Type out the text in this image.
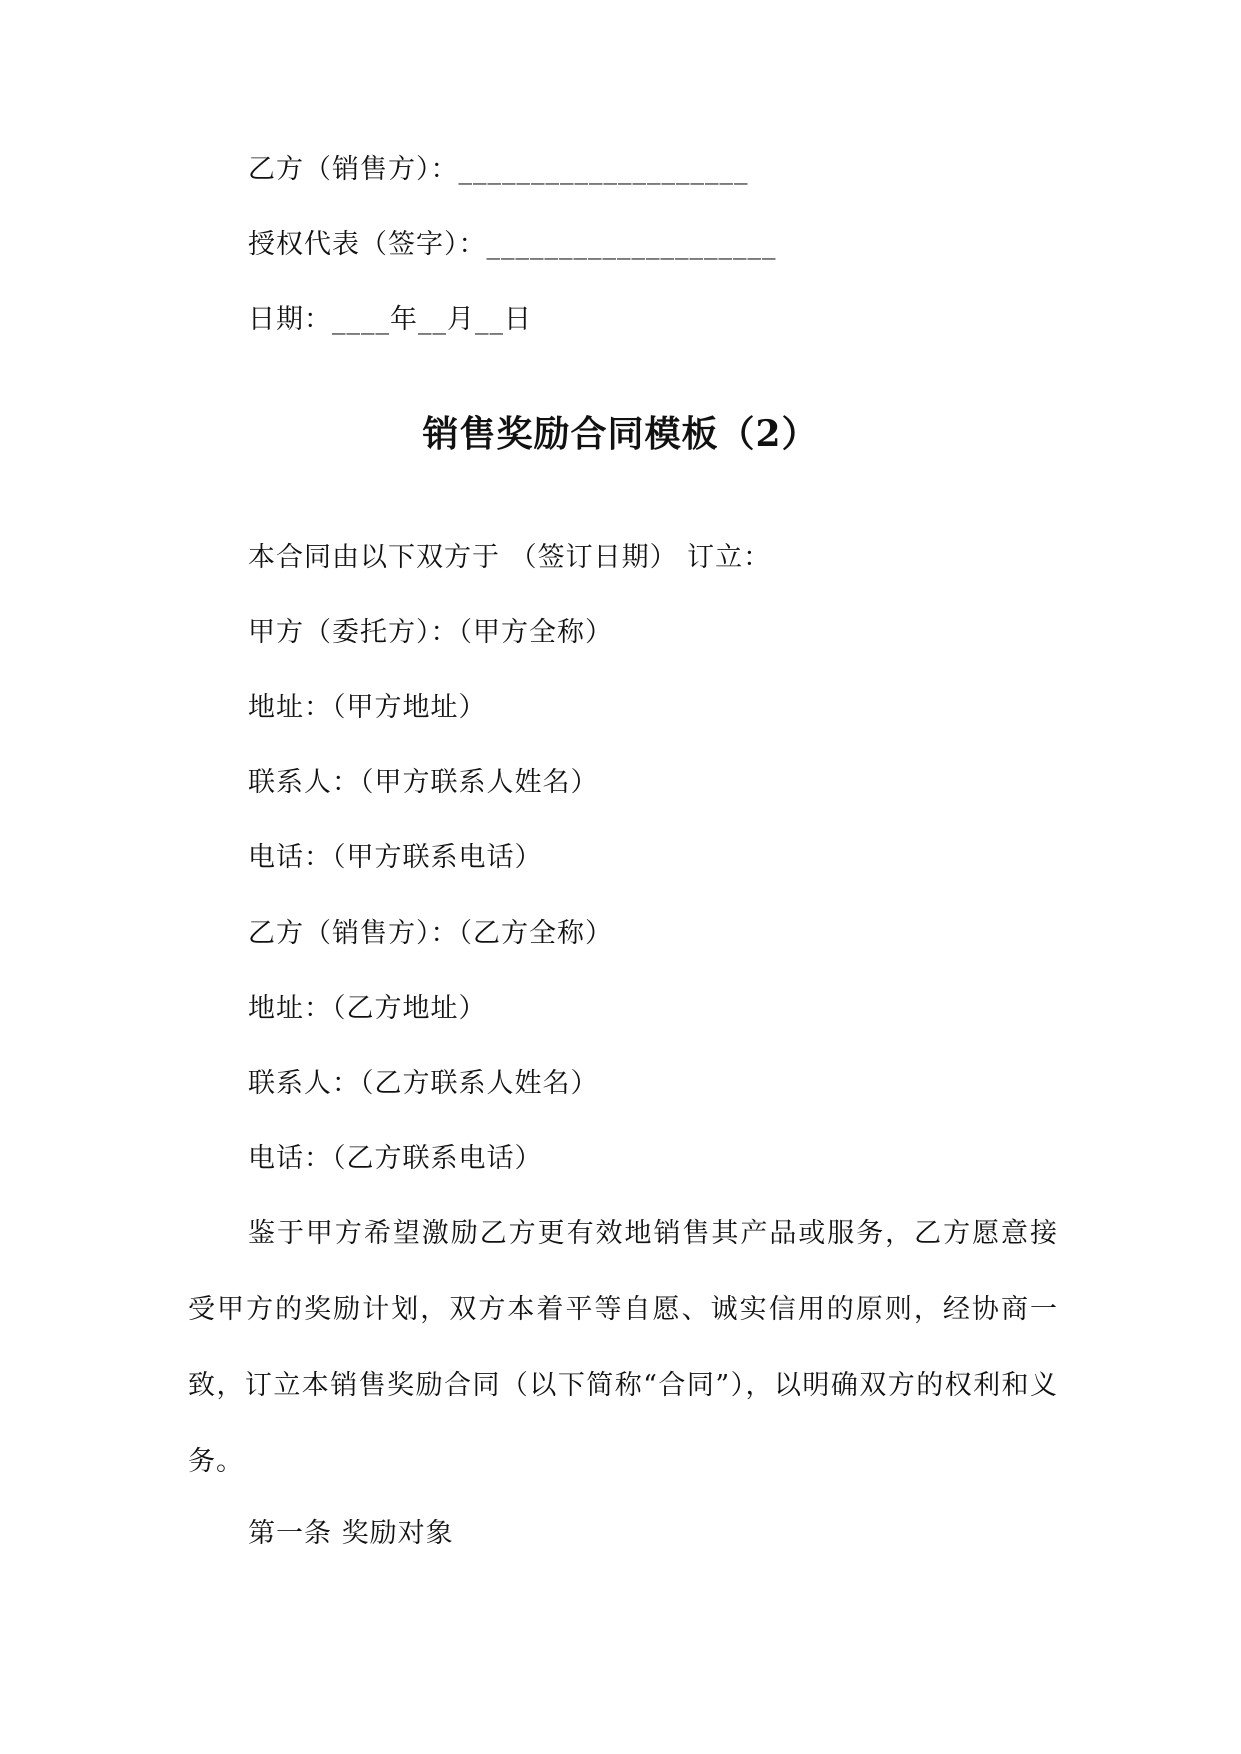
乙方（销售方）：____________________
授权代表（签字）：____________________
日期：____年__月__日
销售奖励合同模板（2）
本合同由以下双方于 （签订日期） 订立：
甲方（委托方）：（甲方全称）
地址：（甲方地址）
联系人：（甲方联系人姓名）
电话：（甲方联系电话）
乙方（销售方）：（乙方全称）
地址：（乙方地址）
联系人：（乙方联系人姓名）
电话：（乙方联系电话）
鉴于甲方希望激励乙方更有效地销售其产品或服务，乙方愿意接受甲方的奖励计划，双方本着平等自愿、诚实信用的原则，经协商一致，订立本销售奖励合同（以下简称“合同”），以明确双方的权利和义务。
第一条 奖励对象
